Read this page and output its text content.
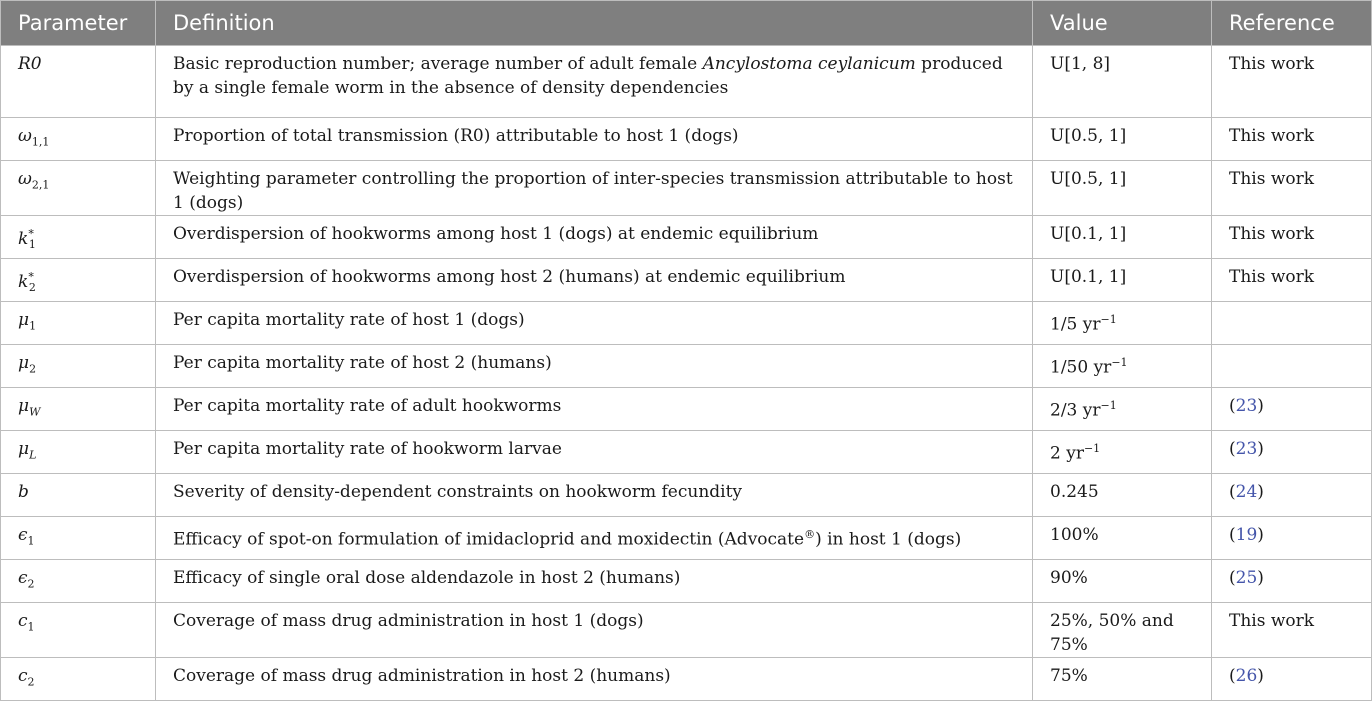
Parameter	Definition	Value	Reference
R0	Basic reproduction number; average number of adult female Ancylostoma ceylanicum produced by a single female worm in the absence of density dependencies	U[1, 8]	This work
$\omega_{1,1}$	Proportion of total transmission (R0) attributable to host 1 (dogs)	U[0.5, 1]	This work
$\omega_{2,1}$	Weighting parameter controlling the proportion of inter-species transmission attributable to host 1 (dogs)	U[0.5, 1]	This work
$k^*_1$	Overdispersion of hookworms among host 1 (dogs) at endemic equilibrium	U[0.1, 1]	This work
$k^*_2$	Overdispersion of hookworms among host 2 (humans) at endemic equilibrium	U[0.1, 1]	This work
$\mu_1$	Per capita mortality rate of host 1 (dogs)	1/5 $yr^{-1}$	
$\mu_2$	Per capita mortality rate of host 2 (humans)	1/50 $yr^{-1}$	
$\mu_W$	Per capita mortality rate of adult hookworms	2/3 $yr^{-1}$	(23)
$\mu_L$	Per capita mortality rate of hookworm larvae	2 $yr^{-1}$	(23)
b	Severity of density-dependent constraints on hookworm fecundity	0.245	(24)
$\epsilon_1$	Efficacy of spot-on formulation of imidacloprid and moxidectin (Advocate®) in host 1 (dogs)	100%	(19)
$\epsilon_2$	Efficacy of single oral dose aldendazole in host 2 (humans)	90%	(25)
$c_1$	Coverage of mass drug administration in host 1 (dogs)	25%, 50% and 75%	This work
$c_2$	Coverage of mass drug administration in host 2 (humans)	75%	(26)
